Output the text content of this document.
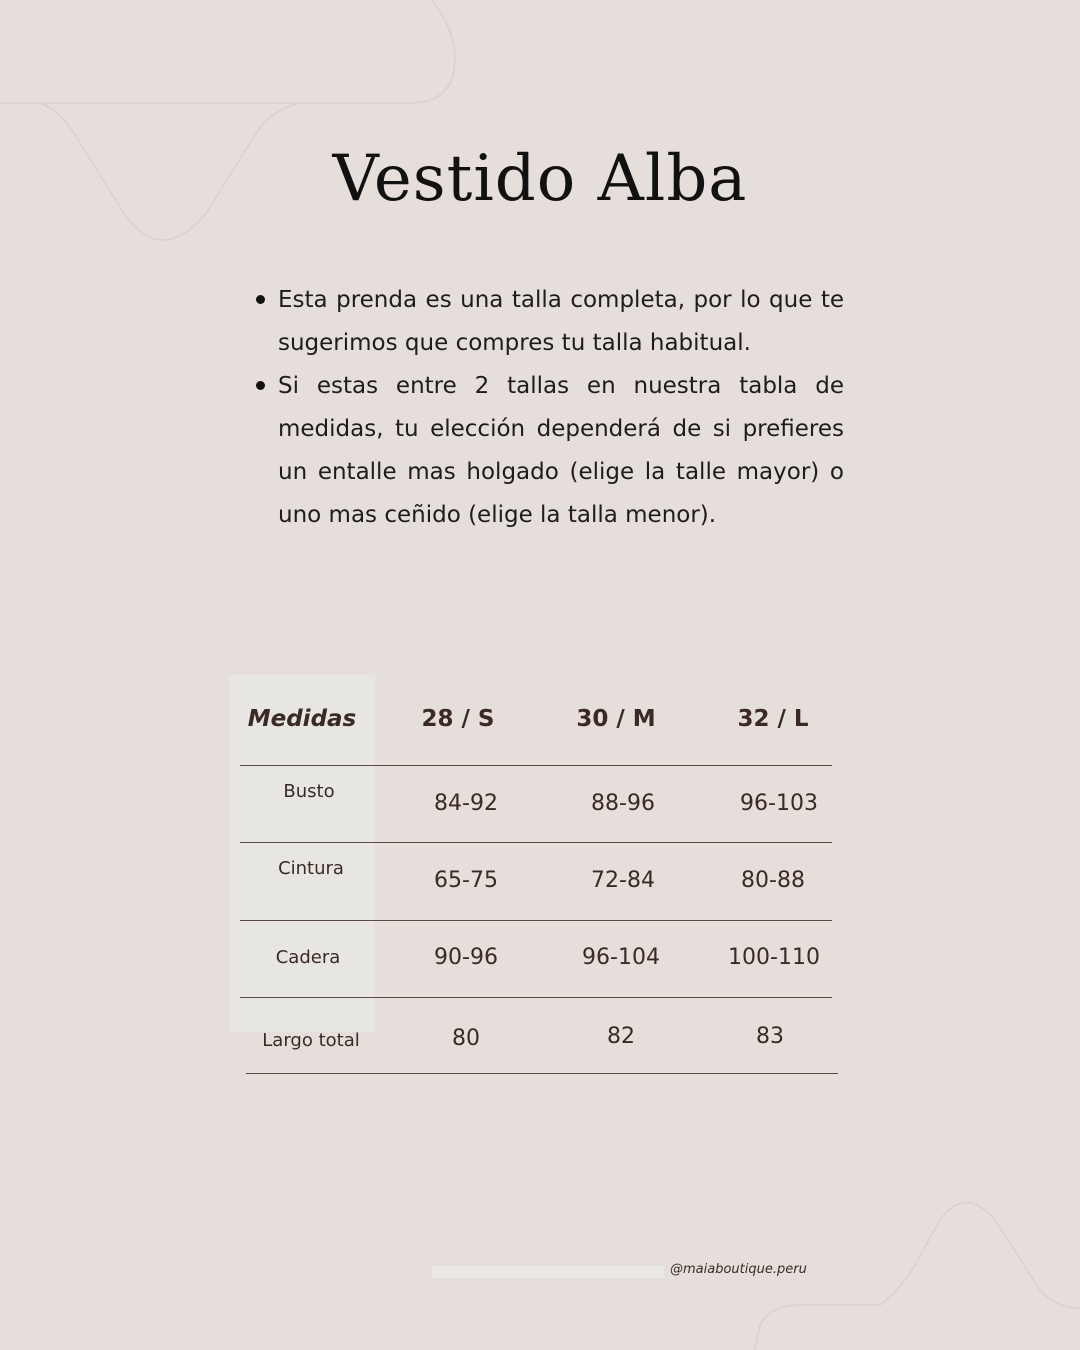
Vestido Alba
Esta prenda es una talla completa, por lo que te sugerimos que compres tu talla habitual.
Si estas entre 2 tallas en nuestra tabla de medidas, tu elección dependerá de si prefieres un entalle mas holgado (elige la talle mayor) o uno mas ceñido (elige la talla menor).
Medidas	28 / S	30 / M	32 / L
Busto	84-92	88-96	96-103
Cintura	65-75	72-84	80-88
Cadera	90-96	96-104	100-110
Largo total	80	82	83
@maiaboutique.peru
